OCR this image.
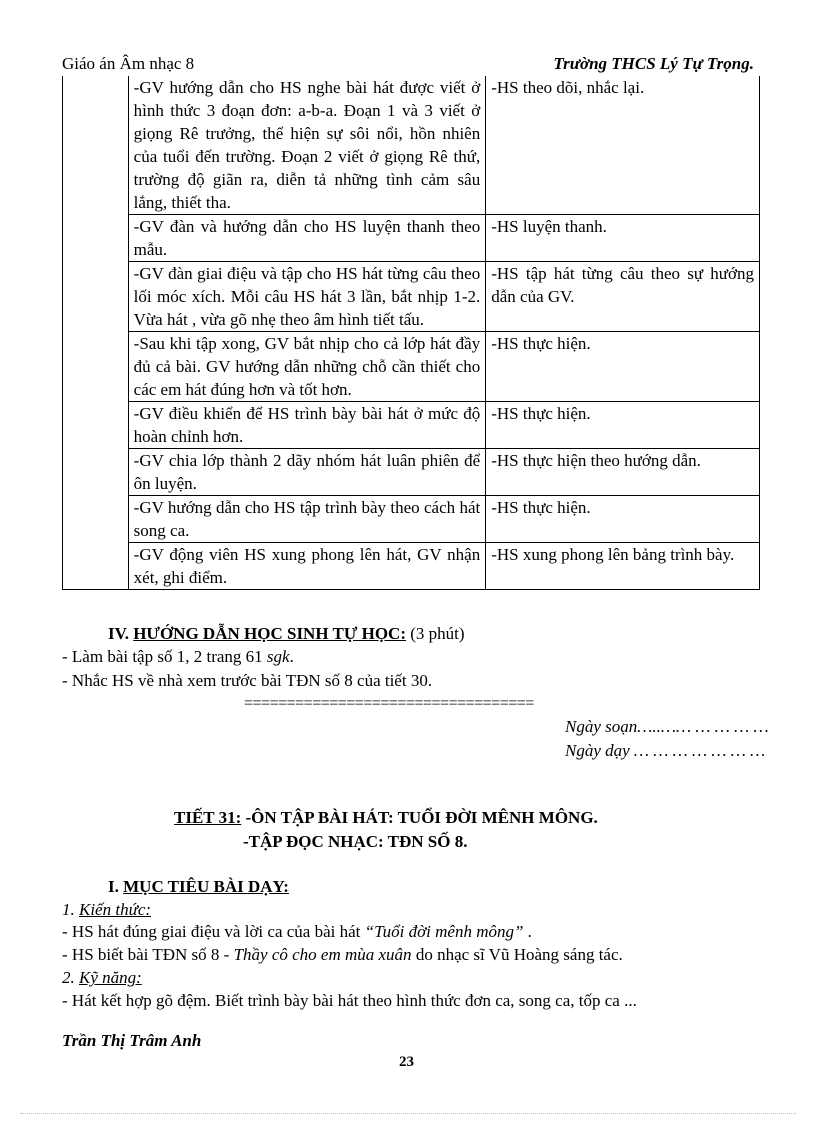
Giáo án Âm nhạc 8	Trường THCS Lý Tự Trọng.
	-GV hướng dẫn cho HS nghe bài hát được viết ở hình thức 3 đoạn đơn: a-b-a. Đoạn 1 và 3 viết ở giọng Rê trưởng, thể hiện sự sôi nổi, hồn nhiên của tuổi đến trường. Đoạn 2 viết ở giọng Rê thứ, trường độ giãn ra, diễn tả những tình cảm sâu lắng, thiết tha.	-HS theo dõi, nhắc lại.
	-GV đàn và hướng dẫn cho HS luyện thanh theo mẫu.	-HS luyện thanh.
	-GV đàn giai điệu và tập cho HS hát từng câu theo lối móc xích. Mỗi câu HS hát 3 lần, bắt nhịp 1-2. Vừa hát , vừa gõ nhẹ theo âm hình tiết tấu.	-HS tập hát từng câu theo sự hướng dẫn của GV.
	-Sau khi tập xong, GV bắt nhịp cho cả lớp hát đầy đủ cả bài. GV hướng dẫn những chỗ cần thiết cho các em hát đúng hơn và tốt hơn.	-HS thực hiện.
	-GV điều khiển để HS trình bày bài hát ở mức độ hoàn chỉnh hơn.	-HS thực hiện.
	-GV chia lớp thành 2 dãy nhóm hát luân phiên để ôn luyện.	-HS thực hiện theo hướng dẫn.
	-GV hướng dẫn cho HS tập trình bày theo cách hát song ca.	-HS thực hiện.
	-GV động viên HS xung phong lên hát, GV nhận xét, ghi điểm.	-HS xung phong lên bảng trình bày.
IV. HƯỚNG DẪN HỌC SINH TỰ HỌC: (3 phút)
- Làm bài tập số 1, 2 trang 61 sgk.
- Nhắc HS về nhà xem trước bài TĐN số 8 của tiết 30.
==================================
Ngày soạn…..…… … … … …
Ngày dạy … … … … … … …
TIẾT 31: -ÔN TẬP BÀI HÁT: TUỔI ĐỜI MÊNH MÔNG.
-TẬP ĐỌC NHẠC: TĐN SỐ 8.
I. MỤC TIÊU BÀI DẠY:
1. Kiến thức:
- HS hát đúng giai điệu và lời ca của bài hát “Tuổi đời mênh mông” .
- HS biết bài TĐN số 8 - Thầy cô cho em mùa xuân do nhạc sĩ Vũ Hoàng sáng tác.
2. Kỹ năng:
- Hát kết hợp gõ đệm. Biết trình bày bài hát theo hình thức đơn ca, song ca, tốp ca ...
Trần Thị Trâm Anh
23
